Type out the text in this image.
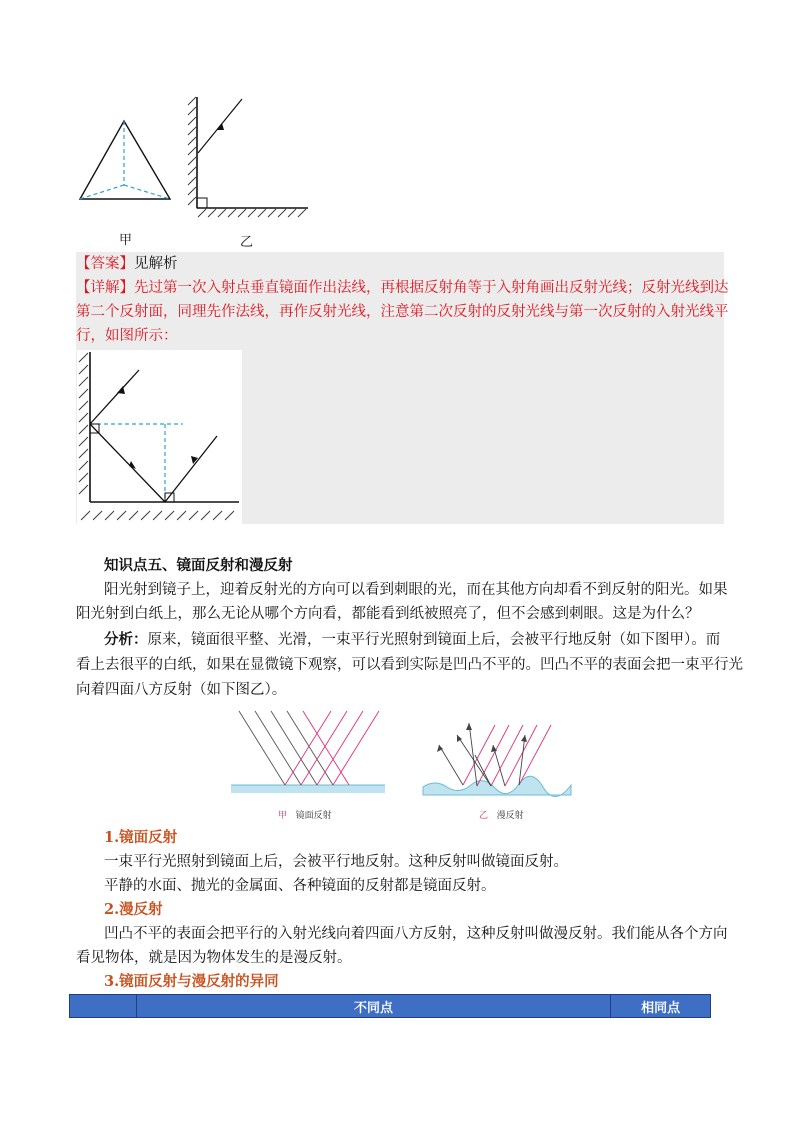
甲	乙
【答案】见解析
【详解】先过第一次入射点垂直镜面作出法线，再根据反射角等于入射角画出反射光线；反射光线到达
第二个反射面，同理先作法线，再作反射光线，注意第二次反射的反射光线与第一次反射的入射光线平
行，如图所示：
知识点五、镜面反射和漫反射
阳光射到镜子上，迎着反射光的方向可以看到刺眼的光，而在其他方向却看不到反射的阳光。如果
阳光射到白纸上，那么无论从哪个方向看，都能看到纸被照亮了，但不会感到刺眼。这是为什么？
分析：原来，镜面很平整、光滑，一束平行光照射到镜面上后，会被平行地反射（如下图甲）。而
看上去很平的白纸，如果在显微镜下观察，可以看到实际是凹凸不平的。凹凸不平的表面会把一束平行光
向着四面八方反射（如下图乙）。
甲 镜面反射	乙 漫反射
1.镜面反射
一束平行光照射到镜面上后，会被平行地反射。这种反射叫做镜面反射。
平静的水面、抛光的金属面、各种镜面的反射都是镜面反射。
2.漫反射
凹凸不平的表面会把平行的入射光线向着四面八方反射，这种反射叫做漫反射。我们能从各个方向
看见物体，就是因为物体发生的是漫反射。
3.镜面反射与漫反射的异同
	不同点	相同点
